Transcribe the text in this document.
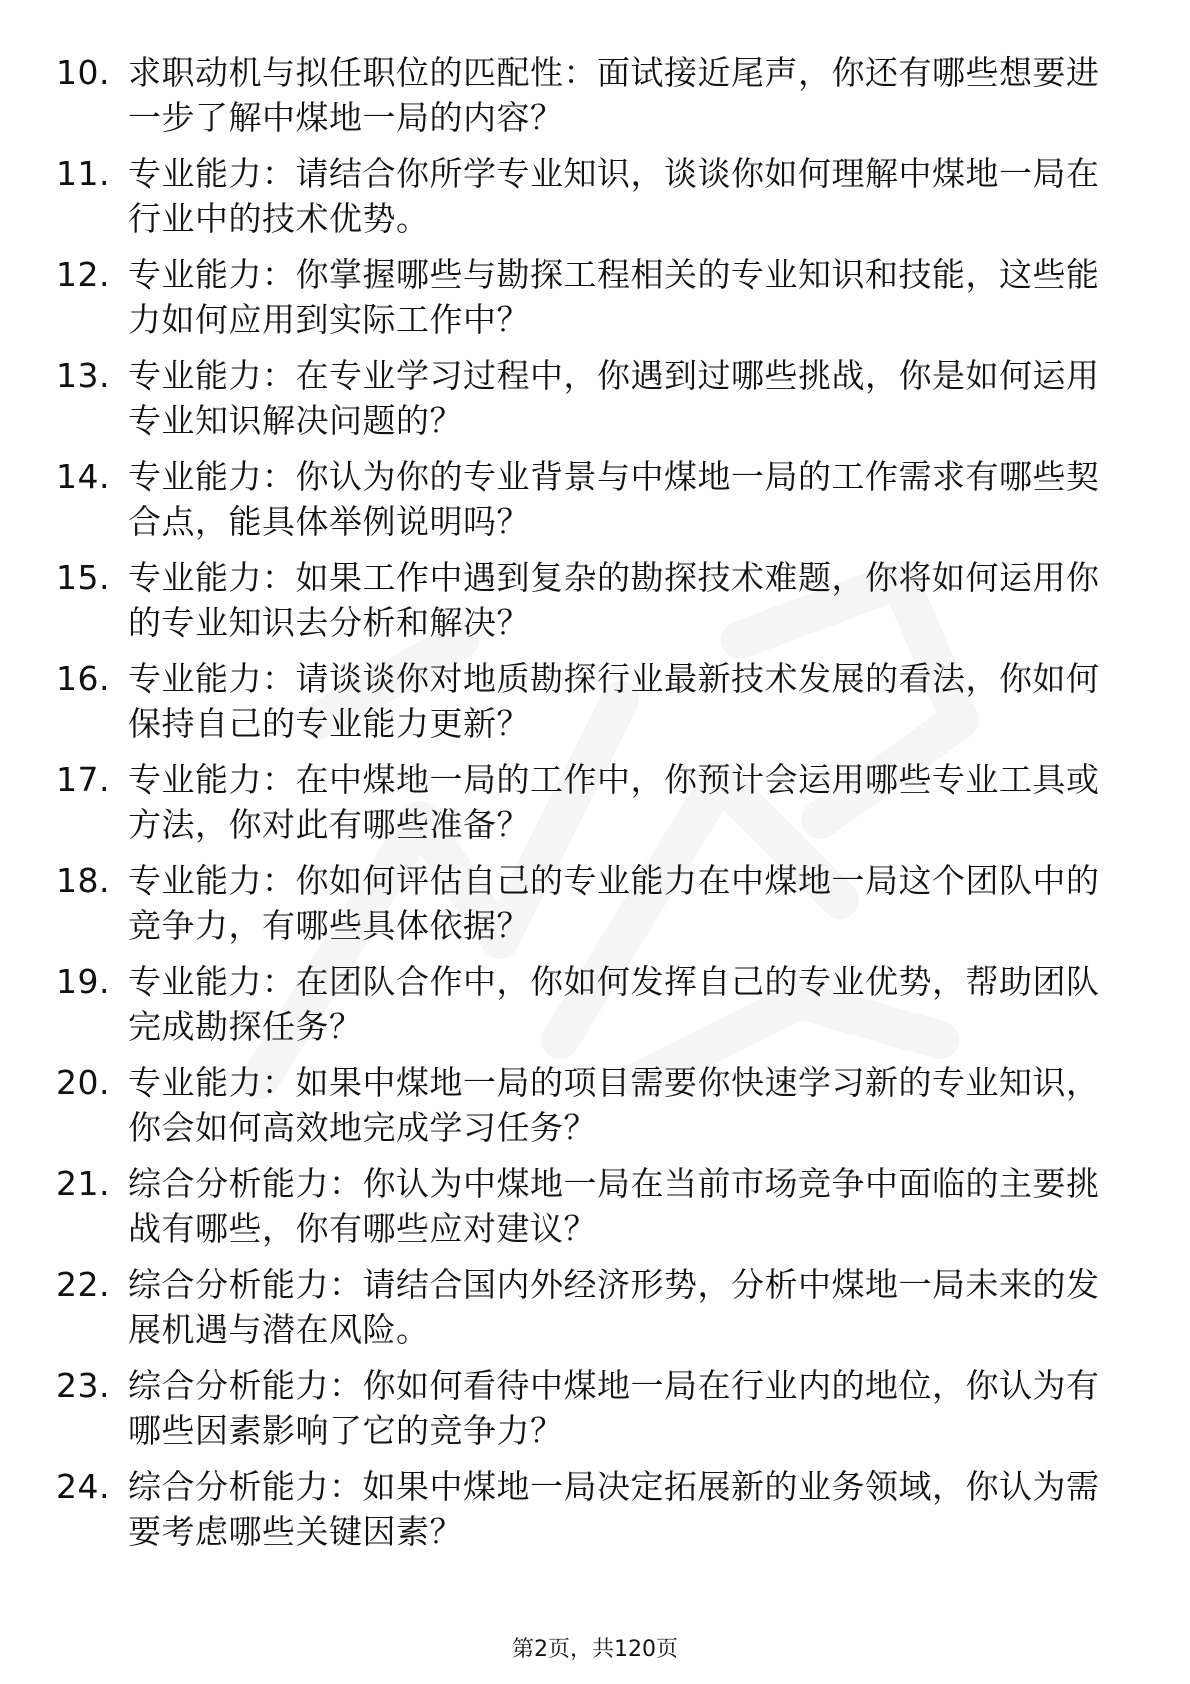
10. 求职动机与拟任职位的匹配性：面试接近尾声，你还有哪些想要进一步了解中煤地一局的内容？
11. 专业能力：请结合你所学专业知识，谈谈你如何理解中煤地一局在行业中的技术优势。
12. 专业能力：你掌握哪些与勘探工程相关的专业知识和技能，这些能力如何应用到实际工作中？
13. 专业能力：在专业学习过程中，你遇到过哪些挑战，你是如何运用专业知识解决问题的？
14. 专业能力：你认为你的专业背景与中煤地一局的工作需求有哪些契合点，能具体举例说明吗？
15. 专业能力：如果工作中遇到复杂的勘探技术难题，你将如何运用你的专业知识去分析和解决？
16. 专业能力：请谈谈你对地质勘探行业最新技术发展的看法，你如何保持自己的专业能力更新？
17. 专业能力：在中煤地一局的工作中，你预计会运用哪些专业工具或方法，你对此有哪些准备？
18. 专业能力：你如何评估自己的专业能力在中煤地一局这个团队中的竞争力，有哪些具体依据？
19. 专业能力：在团队合作中，你如何发挥自己的专业优势，帮助团队完成勘探任务？
20. 专业能力：如果中煤地一局的项目需要你快速学习新的专业知识，你会如何高效地完成学习任务？
21. 综合分析能力：你认为中煤地一局在当前市场竞争中面临的主要挑战有哪些，你有哪些应对建议？
22. 综合分析能力：请结合国内外经济形势，分析中煤地一局未来的发展机遇与潜在风险。
23. 综合分析能力：你如何看待中煤地一局在行业内的地位，你认为有哪些因素影响了它的竞争力？
24. 综合分析能力：如果中煤地一局决定拓展新的业务领域，你认为需要考虑哪些关键因素？
第2页，共120页
